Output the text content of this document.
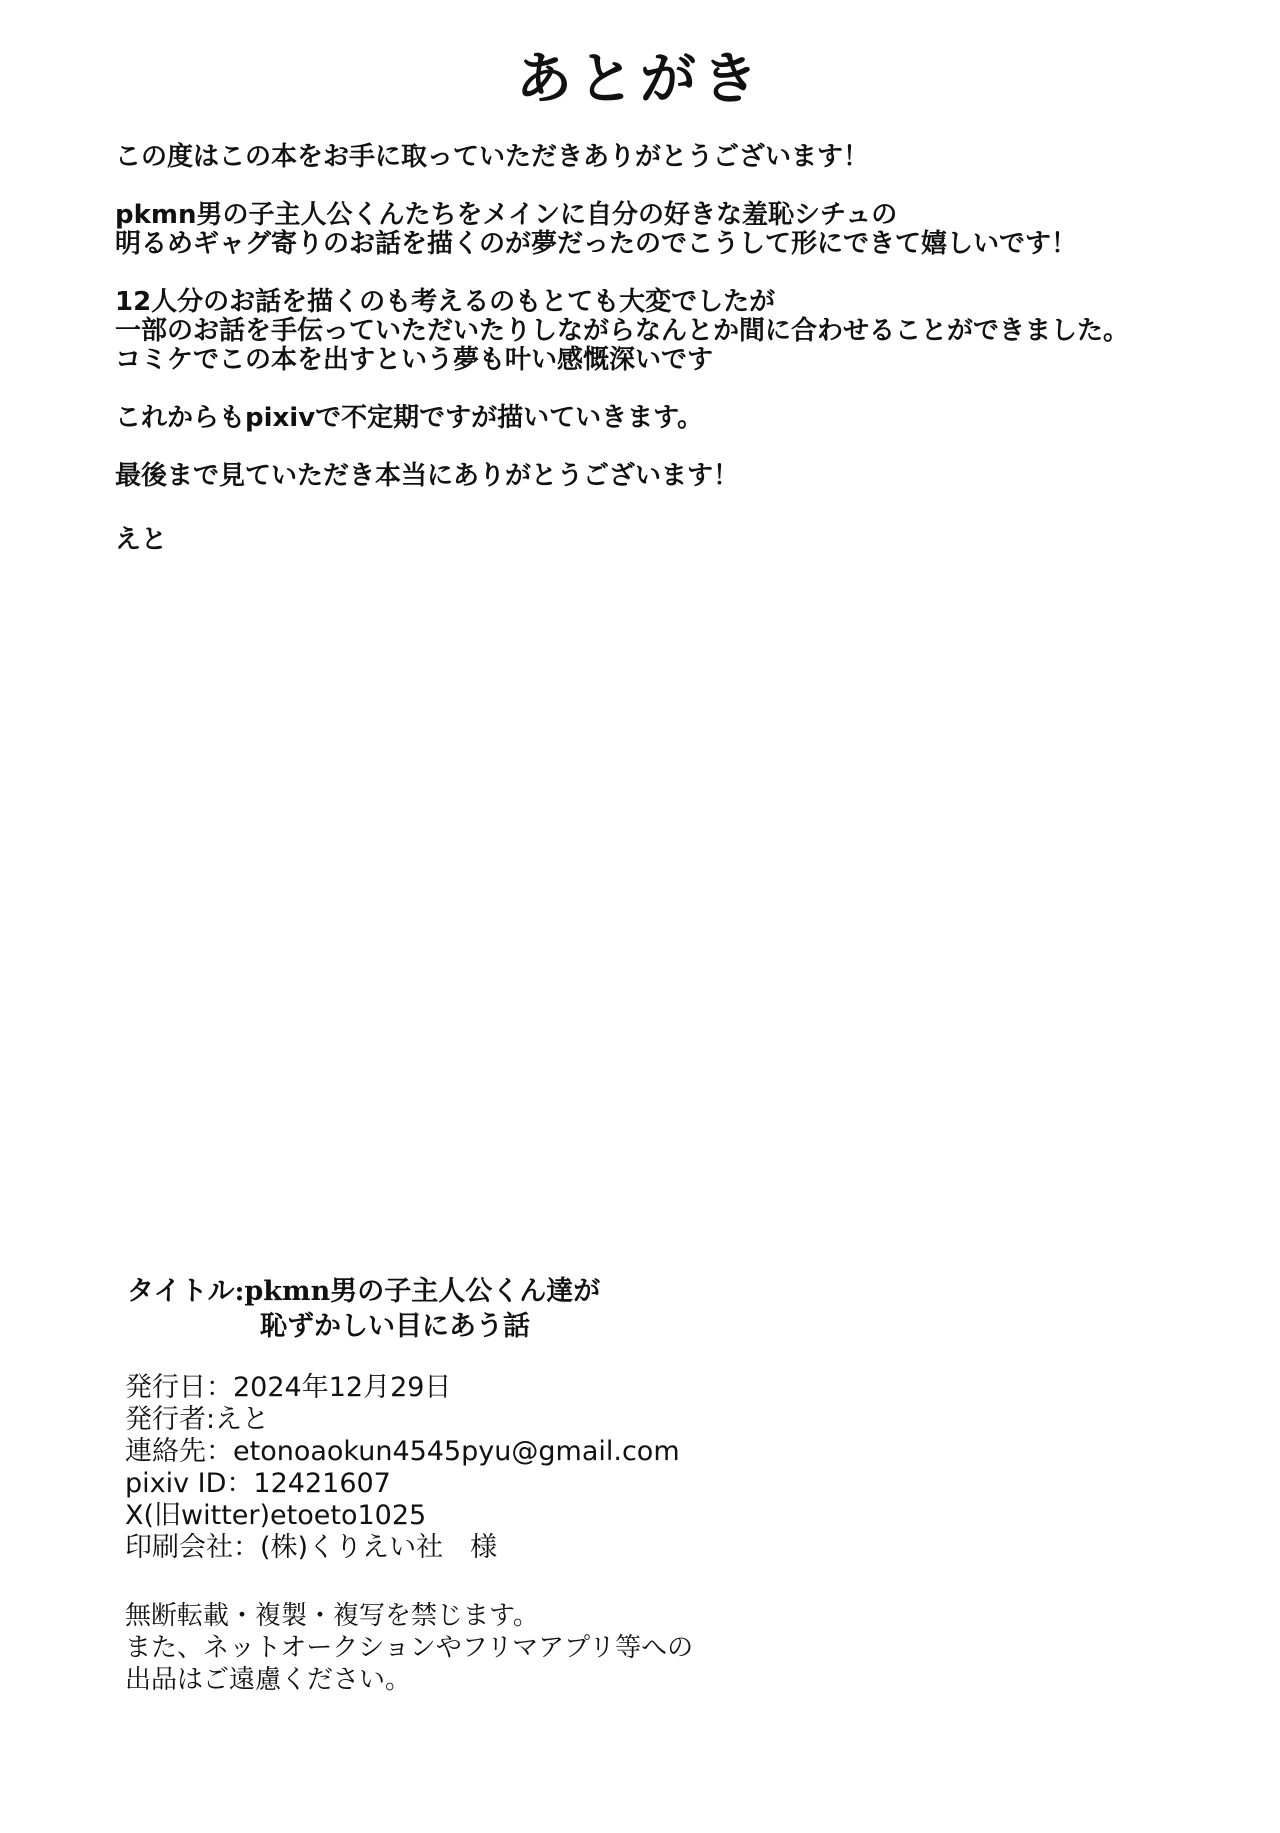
あとがき

この度はこの本をお手に取っていただきありがとうございます！

pkmn男の子主人公くんたちをメインに自分の好きな羞恥シチュの

明るめギャグ寄りのお話を描くのが夢だったのでこうして形にできて嬉しいです！

12人分のお話を描くのも考えるのもとても大変でしたが

一部のお話を手伝っていただいたりしながらなんとか間に合わせることができました。

コミケでこの本を出すという夢も叶い感慨深いです

これからもpixivで不定期ですが描いていきます。

最後まで見ていただき本当にありがとうございます！

えと

タイトル:pkmn男の子主人公くん達が
恥ずかしい目にあう話
発行日：2024年12月29日
発行者:えと
連絡先：etonoaokun4545pyu@gmail.com
pixiv ID：12421607
X(旧witter)etoeto1025
印刷会社：(株)くりえい社　様
無断転載・複製・複写を禁じます。
また、ネットオークションやフリマアプリ等への
出品はご遠慮ください。
